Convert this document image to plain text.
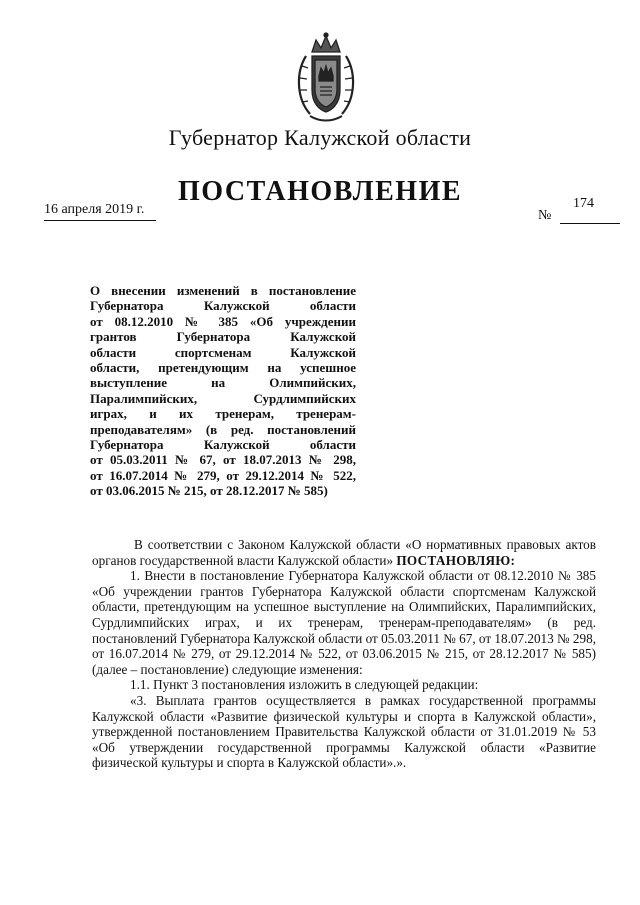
Губернатор Калужской области
ПОСТАНОВЛЕНИЕ
16 апреля 2019 г.	№
174
О внесении изменений в постановление
Губернатора Калужской области
от 08.12.2010 № 385 «Об учреждении
грантов Губернатора Калужской
области спортсменам Калужской
области, претендующим на успешное
выступление на Олимпийских,
Паралимпийских, Сурдлимпийских
играх, и их тренерам, тренерам-
преподавателям» (в ред. постановлений
Губернатора Калужской области
от 05.03.2011 № 67, от 18.07.2013 № 298,
от 16.07.2014 № 279, от 29.12.2014 № 522,
от 03.06.2015 № 215, от 28.12.2017 № 585)

В соответствии с Законом Калужской области «О нормативных правовых актов органов государственной власти Калужской области» ПОСТАНОВЛЯЮ:

1. Внести в постановление Губернатора Калужской области от 08.12.2010 № 385 «Об учреждении грантов Губернатора Калужской области спортсменам Калужской области, претендующим на успешное выступление на Олимпийских, Паралимпийских, Сурдлимпийских играх, и их тренерам, тренерам-преподавателям» (в ред. постановлений Губернатора Калужской области от 05.03.2011 № 67, от 18.07.2013 № 298, от 16.07.2014 № 279, от 29.12.2014 № 522, от 03.06.2015 № 215, от 28.12.2017 № 585) (далее – постановление) следующие изменения:

1.1. Пункт 3 постановления изложить в следующей редакции:

«3. Выплата грантов осуществляется в рамках государственной программы Калужской области «Развитие физической культуры и спорта в Калужской области», утвержденной постановлением Правительства Калужской области от 31.01.2019 № 53 «Об утверждении государственной программы Калужской области «Развитие физической культуры и спорта в Калужской области».».
